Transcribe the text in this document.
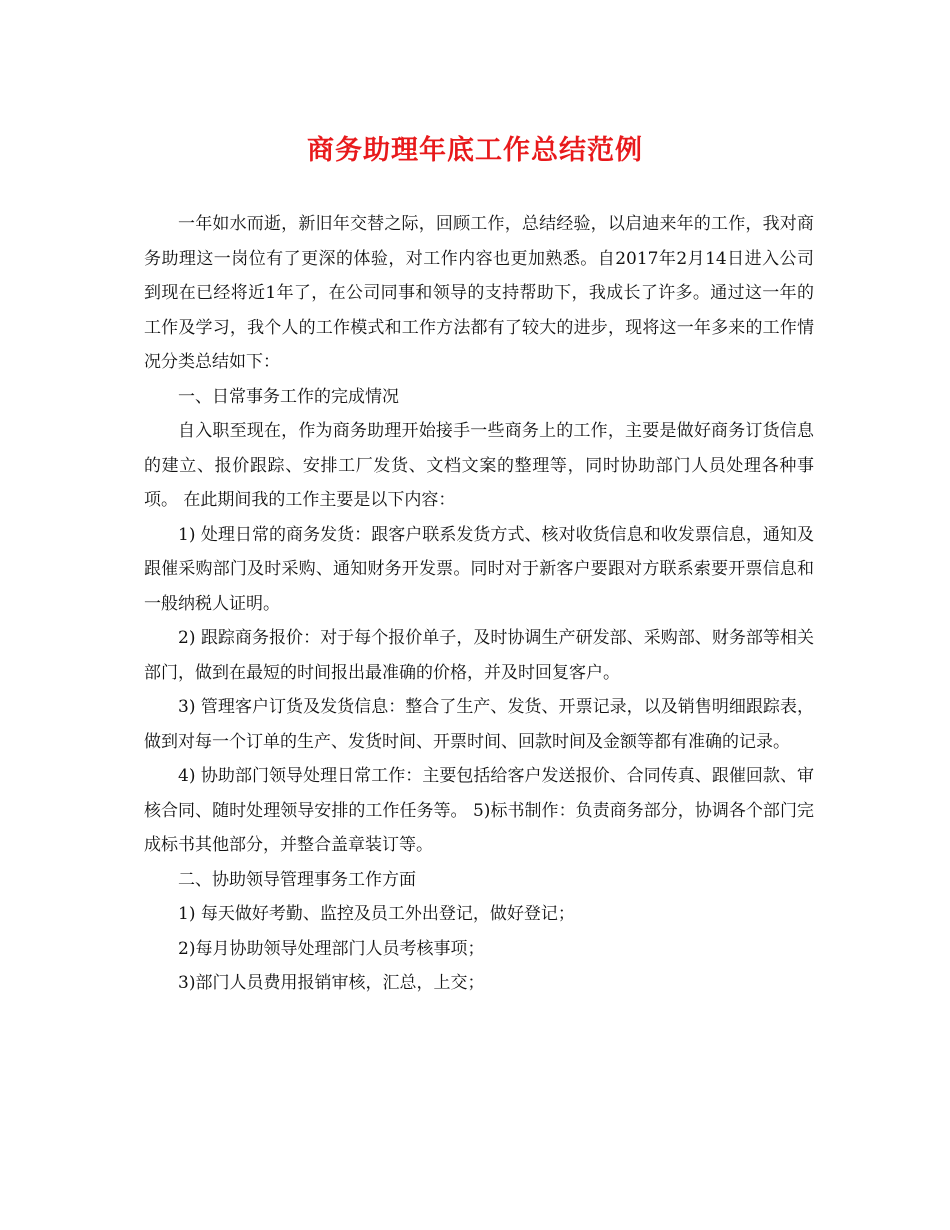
商务助理年底工作总结范例

一年如水而逝，新旧年交替之际，回顾工作，总结经验，以启迪来年的工作，我对商务助理这一岗位有了更深的体验，对工作内容也更加熟悉。自2017年2月14日进入公司到现在已经将近1年了，在公司同事和领导的支持帮助下，我成长了许多。通过这一年的工作及学习，我个人的工作模式和工作方法都有了较大的进步，现将这一年多来的工作情况分类总结如下：

一、日常事务工作的完成情况

自入职至现在，作为商务助理开始接手一些商务上的工作，主要是做好商务订货信息的建立、报价跟踪、安排工厂发货、文档文案的整理等，同时协助部门人员处理各种事项。 在此期间我的工作主要是以下内容：

1) 处理日常的商务发货：跟客户联系发货方式、核对收货信息和收发票信息，通知及跟催采购部门及时采购、通知财务开发票。同时对于新客户要跟对方联系索要开票信息和一般纳税人证明。

2) 跟踪商务报价：对于每个报价单子，及时协调生产研发部、采购部、财务部等相关部门，做到在最短的时间报出最准确的价格，并及时回复客户。

3) 管理客户订货及发货信息：整合了生产、发货、开票记录，以及销售明细跟踪表，做到对每一个订单的生产、发货时间、开票时间、回款时间及金额等都有准确的记录。

4) 协助部门领导处理日常工作：主要包括给客户发送报价、合同传真、跟催回款、审核合同、随时处理领导安排的工作任务等。 5)标书制作：负责商务部分，协调各个部门完成标书其他部分，并整合盖章装订等。

二、协助领导管理事务工作方面

1) 每天做好考勤、监控及员工外出登记，做好登记；

2)每月协助领导处理部门人员考核事项；

3)部门人员费用报销审核，汇总，上交；
